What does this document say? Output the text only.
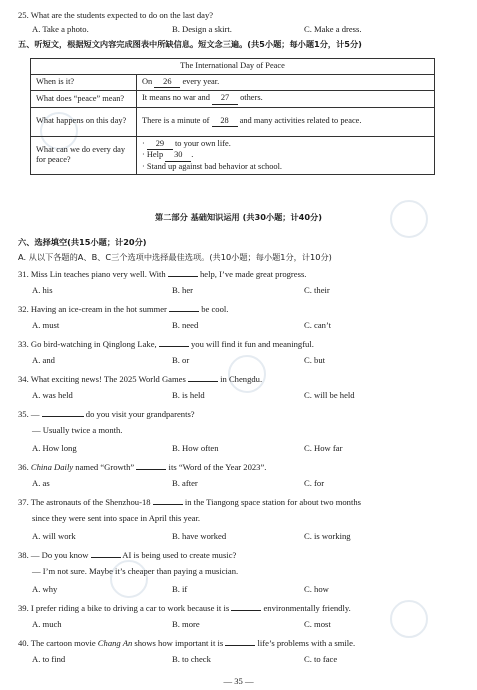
25. What are the students expected to do on the last day?
A. Take a photo.	B. Design a skirt.	C. Make a dress.
五、听短文，根据短文内容完成图表中所缺信息。短文念三遍。(共5小题；每小题1分，计5分)
The International Day of Peace	
When is it?	On 26 every year.
What does “peace” mean?	It means no war and 27 others.
What happens on this day?	There is a minute of 28 and many activities related to peace.
What can we do every day for peace?	· 29 to your own life.
· Help 30 .
· Stand up against bad behavior at school.
第二部分 基础知识运用 (共30小题；计40分)
六、选择填空(共15小题；计20分)
A. 从以下各题的A、B、C三个选项中选择最佳选项。(共10小题；每小题1分，计10分)
31. Miss Lin teaches piano very well. With	help, I’ve made great progress.
A. his	B. her	C. their
32. Having an ice-cream in the hot summer	be cool.
A. must	B. need	C. can’t
33. Go bird-watching in Qinglong Lake,	you will find it fun and meaningful.
A. and	B. or	C. but
34. What exciting news! The 2025 World Games	in Chengdu.
A. was held	B. is held	C. will be held
35. —	do you visit your grandparents?
— Usually twice a month.
A. How long	B. How often	C. How far
36. China Daily named “Growth”	its “Word of the Year 2023”.
A. as	B. after	C. for
37. The astronauts of the Shenzhou-18	in the Tiangong space station for about two months
since they were sent into space in April this year.
A. will work	B. have worked	C. is working
38. — Do you know	AI is being used to create music?
— I’m not sure. Maybe it’s cheaper than paying a musician.
A. why	B. if	C. how
39. I prefer riding a bike to driving a car to work because it is	environmentally friendly.
A. much	B. more	C. most
40. The cartoon movie Chang An shows how important it is	life’s problems with a smile.
A. to find	B. to check	C. to face
— 35 —
